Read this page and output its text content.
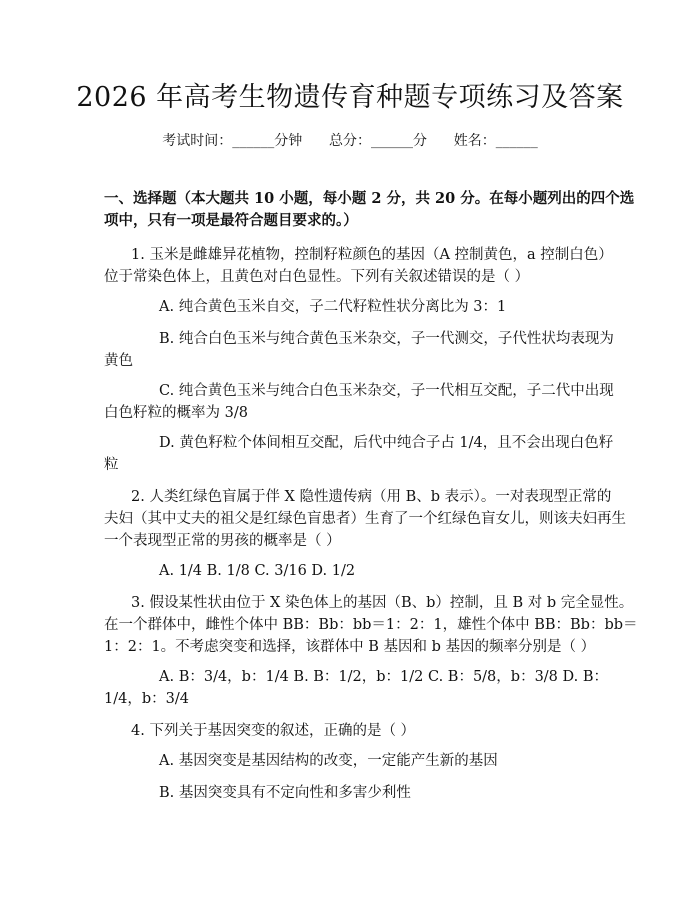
2026 年高考生物遗传育种题专项练习及答案
考试时间：______分钟      总分：______分      姓名：______
一、选择题（本大题共 10 小题，每小题 2 分，共 20 分。在每小题列出的四个选
项中，只有一项是最符合题目要求的。）
1. 玉米是雌雄异花植物，控制籽粒颜色的基因（A 控制黄色，a 控制白色）
位于常染色体上，且黄色对白色显性。下列有关叙述错误的是（ ）
A. 纯合黄色玉米自交，子二代籽粒性状分离比为 3：1
B. 纯合白色玉米与纯合黄色玉米杂交，子一代测交，子代性状均表现为
黄色
C. 纯合黄色玉米与纯合白色玉米杂交，子一代相互交配，子二代中出现
白色籽粒的概率为 3/8
D. 黄色籽粒个体间相互交配，后代中纯合子占 1/4，且不会出现白色籽
粒
2. 人类红绿色盲属于伴 X 隐性遗传病（用 B、b 表示）。一对表现型正常的
夫妇（其中丈夫的祖父是红绿色盲患者）生育了一个红绿色盲女儿，则该夫妇再生
一个表现型正常的男孩的概率是（ ）
A. 1/4 B. 1/8 C. 3/16 D. 1/2
3. 假设某性状由位于 X 染色体上的基因（B、b）控制，且 B 对 b 完全显性。
在一个群体中，雌性个体中 BB：Bb：bb＝1：2：1，雄性个体中 BB：Bb：bb＝
1：2：1。不考虑突变和选择，该群体中 B 基因和 b 基因的频率分别是（ ）
A. B：3/4，b：1/4 B. B：1/2，b：1/2 C. B：5/8，b：3/8 D. B：
1/4，b：3/4
4. 下列关于基因突变的叙述，正确的是（ ）
A. 基因突变是基因结构的改变，一定能产生新的基因
B. 基因突变具有不定向性和多害少利性
